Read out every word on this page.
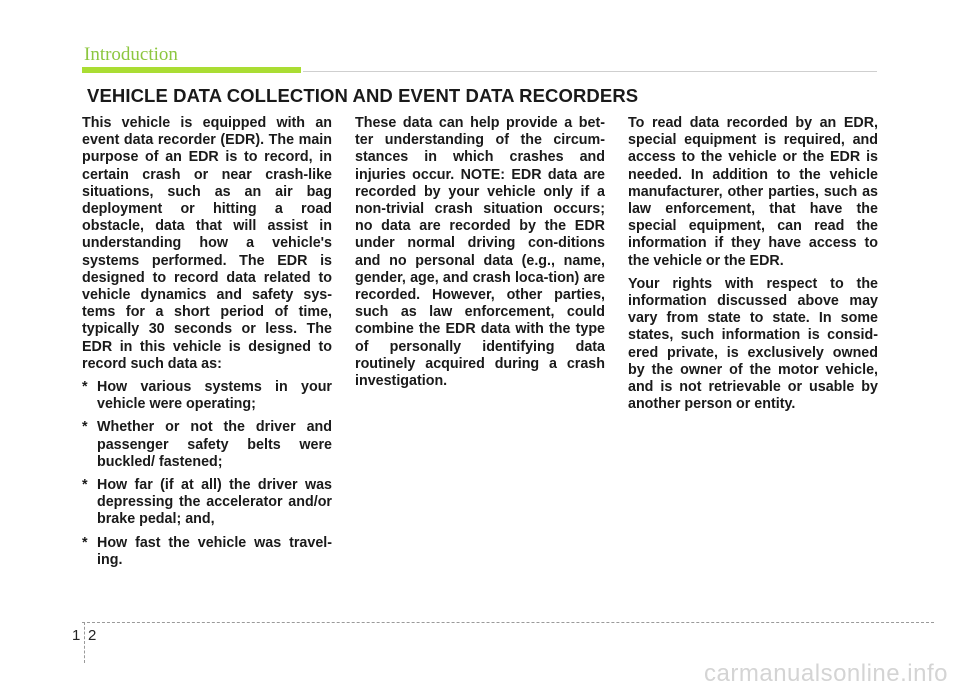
Introduction
VEHICLE DATA COLLECTION AND EVENT DATA RECORDERS

This vehicle is equipped with an event data recorder (EDR). The main purpose of an EDR is to record, in certain crash or near crash-like situations, such as an air bag deployment or hitting a road obstacle, data that will assist in understanding how a vehicle's systems performed. The EDR is designed to record data related to vehicle dynamics and safety sys-tems for a short period of time, typically 30 seconds or less. The EDR in this vehicle is designed to record such data as:

* How various systems in your vehicle were operating;
* Whether or not the driver and passenger safety belts were buckled/ fastened;
* How far (if at all) the driver was depressing the accelerator and/or brake pedal; and,
* How fast the vehicle was travel-ing.

These data can help provide a bet-ter understanding of the circum-stances in which crashes and injuries occur. NOTE: EDR data are recorded by your vehicle only if a non-trivial crash situation occurs; no data are recorded by the EDR under normal driving con-ditions and no personal data (e.g., name, gender, age, and crash loca-tion) are recorded. However, other parties, such as law enforcement, could combine the EDR data with the type of personally identifying data routinely acquired during a crash investigation.

To read data recorded by an EDR, special equipment is required, and access to the vehicle or the EDR is needed. In addition to the vehicle manufacturer, other parties, such as law enforcement, that have the special equipment, can read the information if they have access to the vehicle or the EDR.

Your rights with respect to the information discussed above may vary from state to state. In some states, such information is consid-ered private, is exclusively owned by the owner of the motor vehicle, and is not retrievable or usable by another person or entity.

1 2
carmanualsonline.info
